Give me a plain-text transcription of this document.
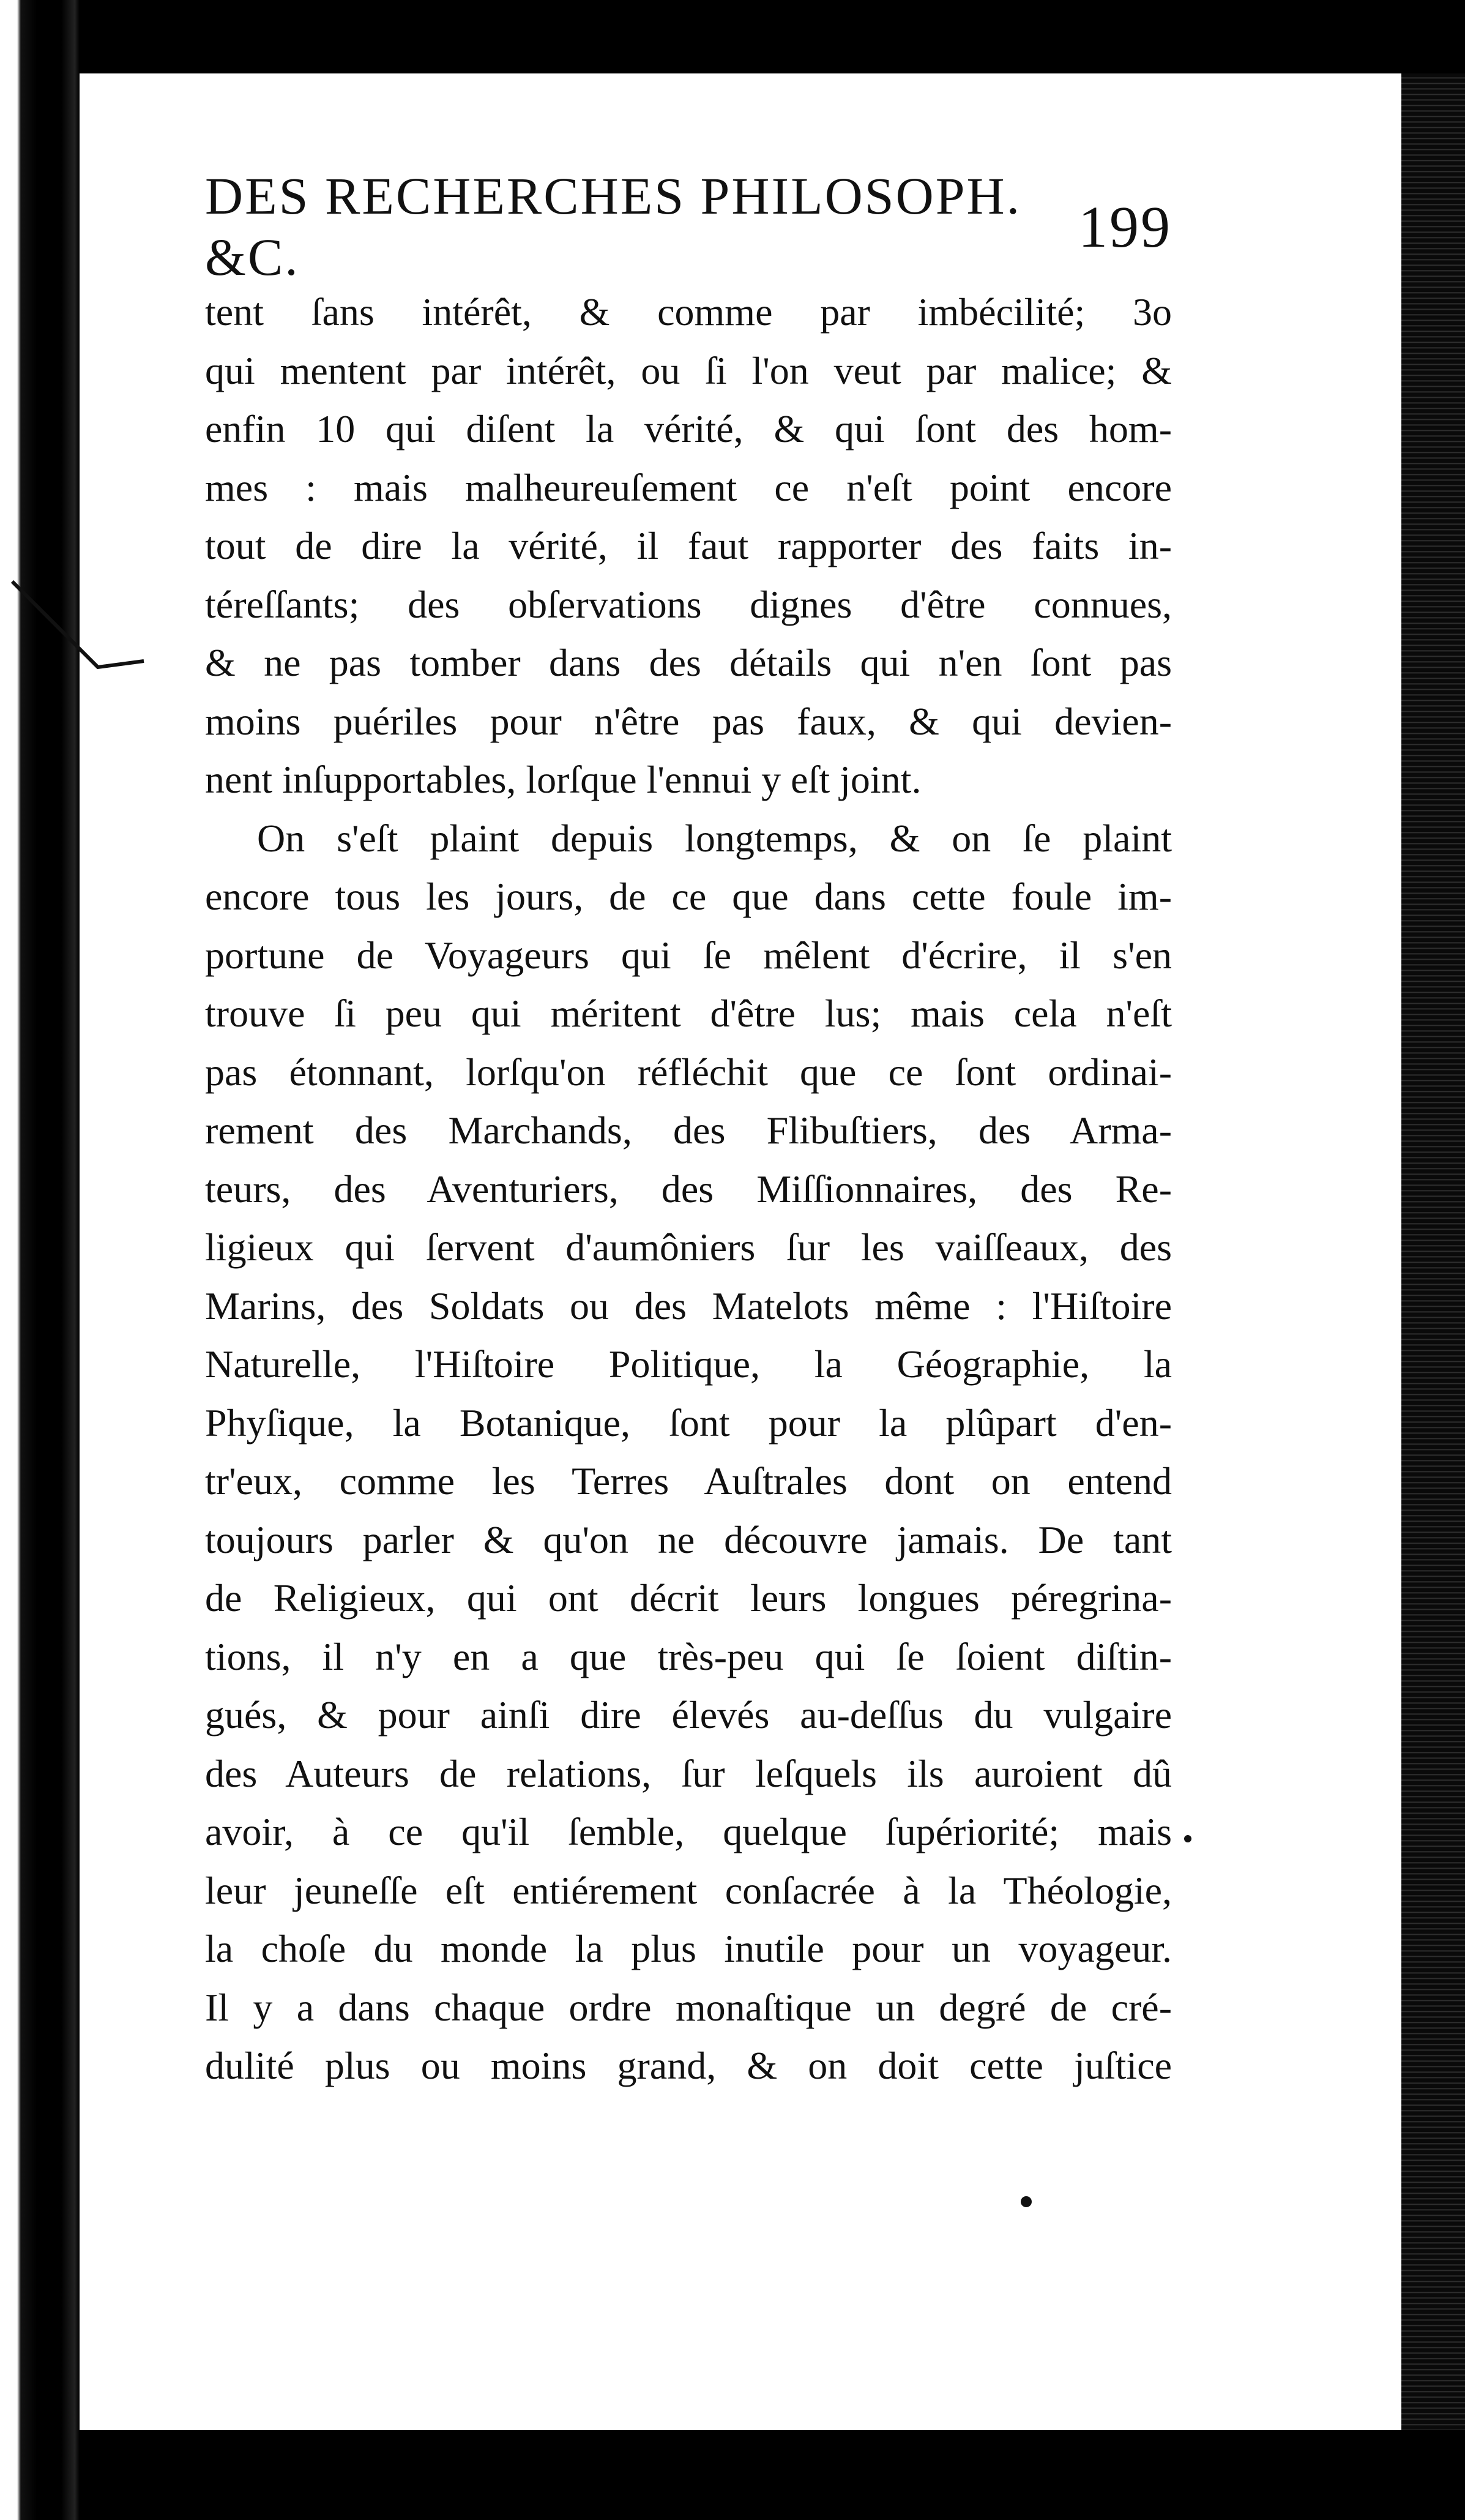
DES RECHERCHES PHILOSOPH. &C.	199
tent ſans intérêt, & comme par imbécilité; 3o
qui mentent par intérêt, ou ſi l'on veut par malice; &
enfin 10 qui diſent la vérité, & qui ſont des hom-
mes : mais malheureuſement ce n'eſt point encore
tout de dire la vérité, il faut rapporter des faits in-
téreſſants; des obſervations dignes d'être connues,
& ne pas tomber dans des détails qui n'en ſont pas
moins puériles pour n'être pas faux, & qui devien-
nent inſupportables, lorſque l'ennui y eſt joint.
On s'eſt plaint depuis longtemps, & on ſe plaint
encore tous les jours, de ce que dans cette foule im-
portune de Voyageurs qui ſe mêlent d'écrire, il s'en
trouve ſi peu qui méritent d'être lus; mais cela n'eſt
pas étonnant, lorſqu'on réfléchit que ce ſont ordinai-
rement des Marchands, des Flibuſtiers, des Arma-
teurs, des Aventuriers, des Miſſionnaires, des Re-
ligieux qui ſervent d'aumôniers ſur les vaiſſeaux, des
Marins, des Soldats ou des Matelots même : l'Hiſtoire
Naturelle, l'Hiſtoire Politique, la Géographie, la
Phyſique, la Botanique, ſont pour la plûpart d'en-
tr'eux, comme les Terres Auſtrales dont on entend
toujours parler & qu'on ne découvre jamais. De tant
de Religieux, qui ont décrit leurs longues péregrina-
tions, il n'y en a que très-peu qui ſe ſoient diſtin-
gués, & pour ainſi dire élevés au-deſſus du vulgaire
des Auteurs de relations, ſur leſquels ils auroient dû
avoir, à ce qu'il ſemble, quelque ſupériorité; mais
leur jeuneſſe eſt entiérement conſacrée à la Théologie,
la choſe du monde la plus inutile pour un voyageur.
Il y a dans chaque ordre monaſtique un degré de cré-
dulité plus ou moins grand, & on doit cette juſtice
